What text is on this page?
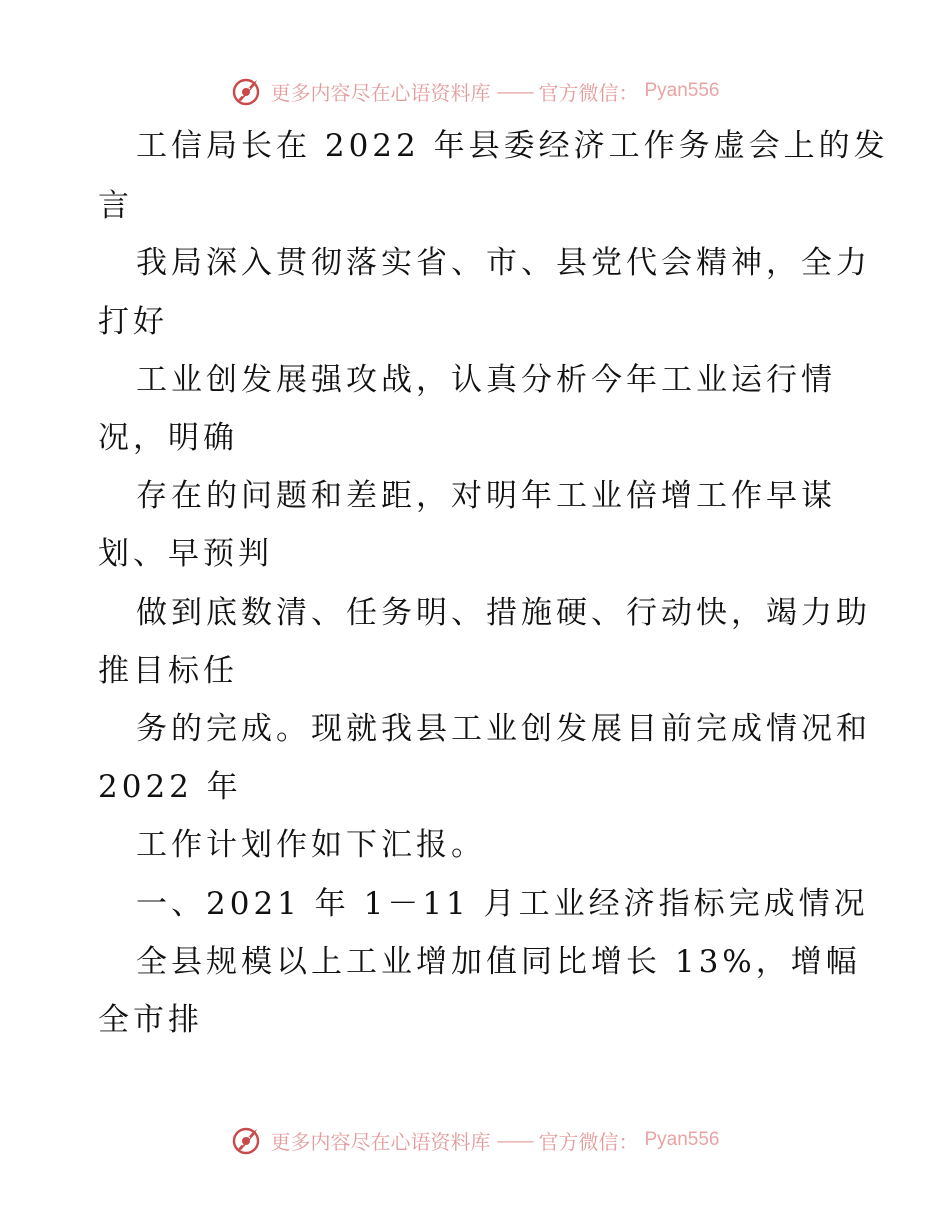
更多内容尽在心语资料库 —— 官方微信： Pyan556
工信局长在 2022 年县委经济工作务虚会上的发
言
我局深入贯彻落实省、市、县党代会精神，全力
打好
工业创发展强攻战，认真分析今年工业运行情
况，明确
存在的问题和差距，对明年工业倍增工作早谋
划、早预判
做到底数清、任务明、措施硬、行动快，竭力助
推目标任
务的完成。现就我县工业创发展目前完成情况和
2022 年
工作计划作如下汇报。
一、2021 年 1－11 月工业经济指标完成情况
全县规模以上工业增加值同比增长 13%，增幅
全市排
更多内容尽在心语资料库 —— 官方微信： Pyan556
